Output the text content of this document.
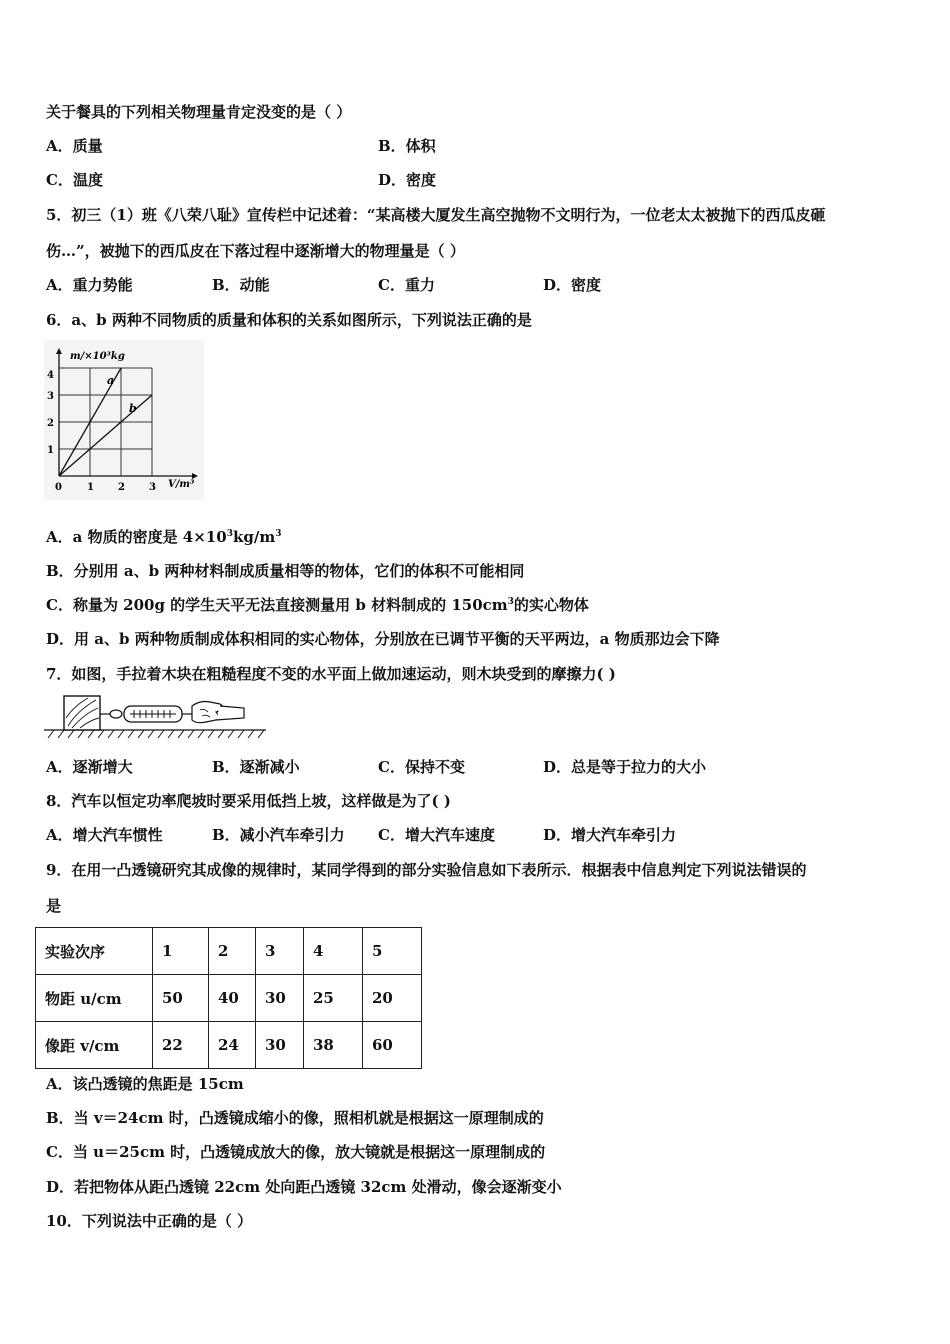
关于餐具的下列相关物理量肯定没变的是（ ）
A．质量	B．体积
C．温度	D．密度
5．初三（1）班《八荣八耻》宣传栏中记述着：“某高楼大厦发生高空抛物不文明行为，一位老太太被抛下的西瓜皮砸
伤…”，被抛下的西瓜皮在下落过程中逐渐增大的物理量是（ ）
A．重力势能	B．动能	C．重力	D．密度
6．a、b 两种不同物质的质量和体积的关系如图所示，下列说法正确的是
a
b
m/×10³kg
V/m³
0	1 2 3
1
2
3
4
A．a 物质的密度是 $4\times 10^3kg/m^3$
B．分别用 a、b 两种材料制成质量相等的物体，它们的体积不可能相同
C．称量为 200g 的学生天平无法直接测量用 b 材料制成的 $150cm^3$的实心物体
D．用 a、b 两种物质制成体积相同的实心物体，分别放在已调节平衡的天平两边，a 物质那边会下降
7．如图，手拉着木块在粗糙程度不变的水平面上做加速运动，则木块受到的摩擦力( )
A．逐渐增大	B．逐渐减小	C．保持不变	D．总是等于拉力的大小
8．汽车以恒定功率爬坡时要采用低挡上坡，这样做是为了( )
A．增大汽车惯性	B．减小汽车牵引力 C．增大汽车速度	D．增大汽车牵引力
9．在用一凸透镜研究其成像的规律时，某同学得到的部分实验信息如下表所示．根据表中信息判定下列说法错误的
是
实验次序	1	2	3	4	5
物距 u/cm	50	40	30	25	20
像距 v/cm	22	24	30	38	60
A．该凸透镜的焦距是 15cm
B．当 v＝24cm 时，凸透镜成缩小的像，照相机就是根据这一原理制成的
C．当 u＝25cm 时，凸透镜成放大的像，放大镜就是根据这一原理制成的
D．若把物体从距凸透镜 22cm 处向距凸透镜 32cm 处滑动，像会逐渐变小
10．下列说法中正确的是（ ）
